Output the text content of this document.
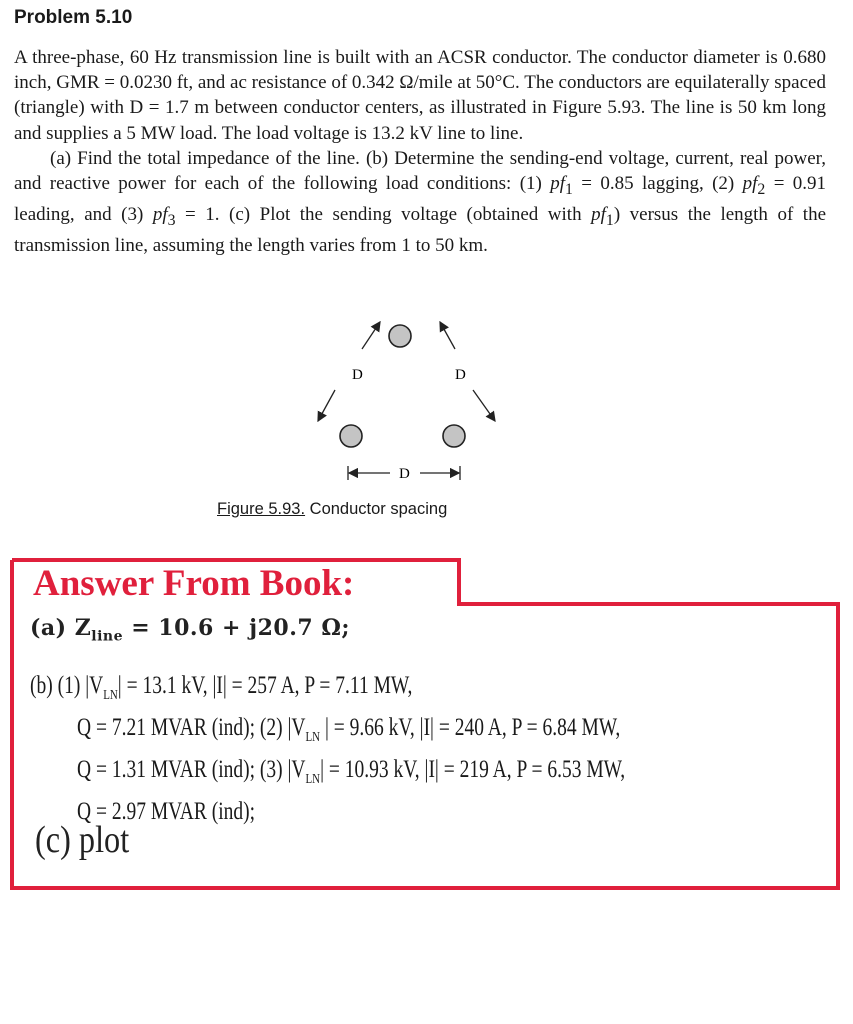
Problem 5.10

A three-phase, 60 Hz transmission line is built with an ACSR conductor. The conductor diameter is 0.680 inch, GMR = 0.0230 ft, and ac resistance of 0.342 Ω/mile at 50°C. The conductors are equilaterally spaced (triangle) with D = 1.7 m between conductor centers, as illustrated in Figure 5.93. The line is 50 km long and supplies a 5 MW load. The load voltage is 13.2 kV line to line.

(a) Find the total impedance of the line. (b) Determine the sending-end voltage, current, real power, and reactive power for each of the following load conditions: (1) $pf_1 = 0.85$ lagging, (2) $pf_2 = 0.91$ leading, and (3) $pf_3 = 1$. (c) Plot the sending voltage (obtained with $pf_1$) versus the length of the transmission line, assuming the length varies from 1 to 50 km.

D	D
D
Figure 5.93. Conductor spacing
Answer From Book:
(a) $Z_{line} = 10.6 + j20.7$ Ω;
(b) (1) $|V_{LN}| = 13.1$ kV, |I| = 257 A, P = 7.11 MW,
Q = 7.21 MVAR (ind); (2) $|V_{LN}$ | = 9.66 kV, |I| = 240 A, P = 6.84 MW,
Q = 1.31 MVAR (ind); (3) $|V_{LN}| = 10.93$ kV, |I| = 219 A, P = 6.53 MW,
Q = 2.97 MVAR (ind);
(c) plot
